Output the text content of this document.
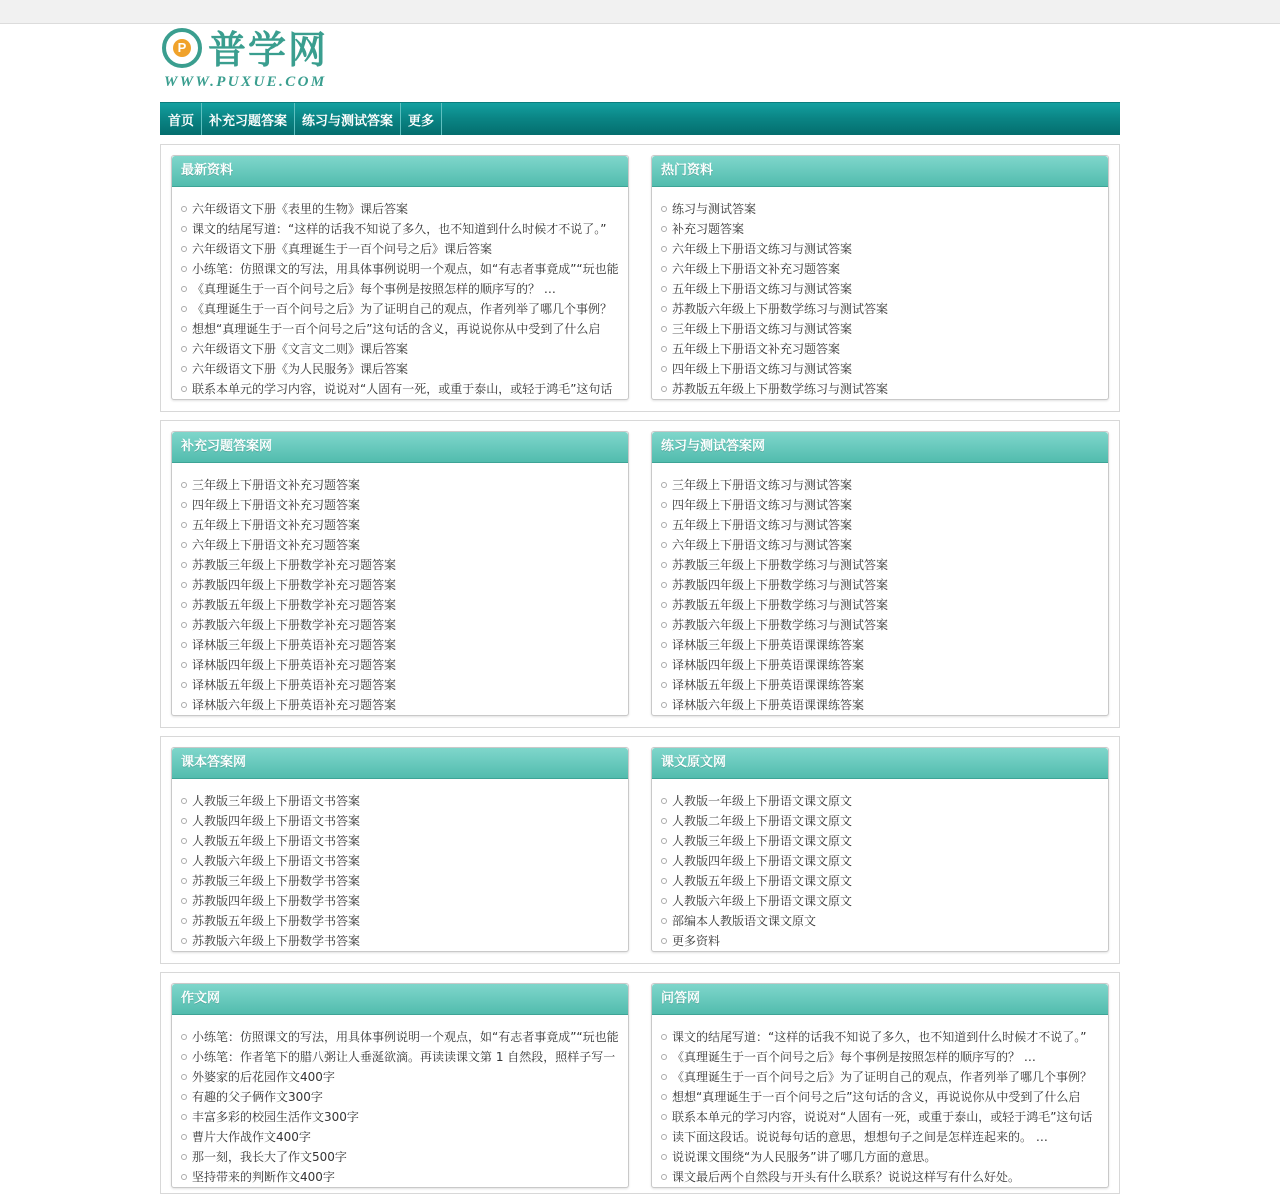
P 普学网
WWW.PUXUE.COM
首页	补充习题答案	练习与测试答案	更多
最新资料
六年级语文下册《表里的生物》课后答案
课文的结尾写道：“这样的话我不知说了多久，也不知道到什么时候才不说了。”
六年级语文下册《真理诞生于一百个问号之后》课后答案
小练笔：仿照课文的写法，用具体事例说明一个观点，如“有志者事竟成”“玩也能
《真理诞生于一百个问号之后》每个事例是按照怎样的顺序写的？ …
《真理诞生于一百个问号之后》为了证明自己的观点，作者列举了哪几个事例？
想想“真理诞生于一百个问号之后”这句话的含义，再说说你从中受到了什么启
六年级语文下册《文言文二则》课后答案
六年级语文下册《为人民服务》课后答案
联系本单元的学习内容，说说对“人固有一死，或重于泰山，或轻于鸿毛”这句话
热门资料
练习与测试答案
补充习题答案
六年级上下册语文练习与测试答案
六年级上下册语文补充习题答案
五年级上下册语文练习与测试答案
苏教版六年级上下册数学练习与测试答案
三年级上下册语文练习与测试答案
五年级上下册语文补充习题答案
四年级上下册语文练习与测试答案
苏教版五年级上下册数学练习与测试答案
补充习题答案网
三年级上下册语文补充习题答案
四年级上下册语文补充习题答案
五年级上下册语文补充习题答案
六年级上下册语文补充习题答案
苏教版三年级上下册数学补充习题答案
苏教版四年级上下册数学补充习题答案
苏教版五年级上下册数学补充习题答案
苏教版六年级上下册数学补充习题答案
译林版三年级上下册英语补充习题答案
译林版四年级上下册英语补充习题答案
译林版五年级上下册英语补充习题答案
译林版六年级上下册英语补充习题答案
练习与测试答案网
三年级上下册语文练习与测试答案
四年级上下册语文练习与测试答案
五年级上下册语文练习与测试答案
六年级上下册语文练习与测试答案
苏教版三年级上下册数学练习与测试答案
苏教版四年级上下册数学练习与测试答案
苏教版五年级上下册数学练习与测试答案
苏教版六年级上下册数学练习与测试答案
译林版三年级上下册英语课课练答案
译林版四年级上下册英语课课练答案
译林版五年级上下册英语课课练答案
译林版六年级上下册英语课课练答案
课本答案网
人教版三年级上下册语文书答案
人教版四年级上下册语文书答案
人教版五年级上下册语文书答案
人教版六年级上下册语文书答案
苏教版三年级上下册数学书答案
苏教版四年级上下册数学书答案
苏教版五年级上下册数学书答案
苏教版六年级上下册数学书答案
课文原文网
人教版一年级上下册语文课文原文
人教版二年级上下册语文课文原文
人教版三年级上下册语文课文原文
人教版四年级上下册语文课文原文
人教版五年级上下册语文课文原文
人教版六年级上下册语文课文原文
部编本人教版语文课文原文
更多资料
作文网
小练笔：仿照课文的写法，用具体事例说明一个观点，如“有志者事竟成”“玩也能
小练笔：作者笔下的腊八粥让人垂涎欲滴。再读读课文第 1 自然段，照样子写一
外婆家的后花园作文400字
有趣的父子俩作文300字
丰富多彩的校园生活作文300字
曹片大作战作文400字
那一刻，我长大了作文500字
坚持带来的判断作文400字
问答网
课文的结尾写道：“这样的话我不知说了多久，也不知道到什么时候才不说了。”
《真理诞生于一百个问号之后》每个事例是按照怎样的顺序写的？ …
《真理诞生于一百个问号之后》为了证明自己的观点，作者列举了哪几个事例？
想想“真理诞生于一百个问号之后”这句话的含义，再说说你从中受到了什么启
联系本单元的学习内容，说说对“人固有一死，或重于泰山，或轻于鸿毛”这句话
读下面这段话。说说每句话的意思，想想句子之间是怎样连起来的。 …
说说课文围绕“为人民服务”讲了哪几方面的意思。
课文最后两个自然段与开头有什么联系？说说这样写有什么好处。
